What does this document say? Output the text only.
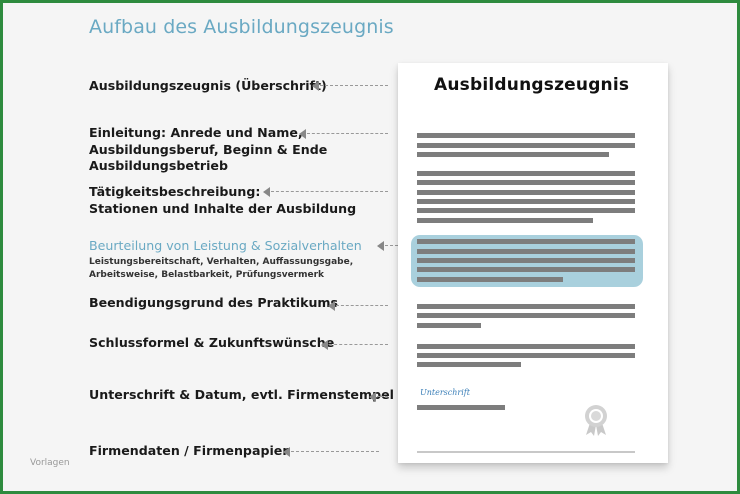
Aufbau des Ausbildungszeugnis
Ausbildungszeugnis (Überschrift)
Einleitung: Anrede und Name,
Ausbildungsberuf, Beginn & Ende
Ausbildungsbetrieb
Tätigkeitsbeschreibung:
Stationen und Inhalte der Ausbildung
Beurteilung von Leistung & Sozialverhalten
Leistungsbereitschaft, Verhalten, Auffassungsgabe,
Arbeitsweise, Belastbarkeit, Prüfungsvermerk
Beendigungsgrund des Praktikums
Schlussformel & Zukunftswünsche
Unterschrift & Datum, evtl. Firmenstempel
Firmendaten / Firmenpapier
Ausbildungszeugnis
Unterschrift
Vorlagen
